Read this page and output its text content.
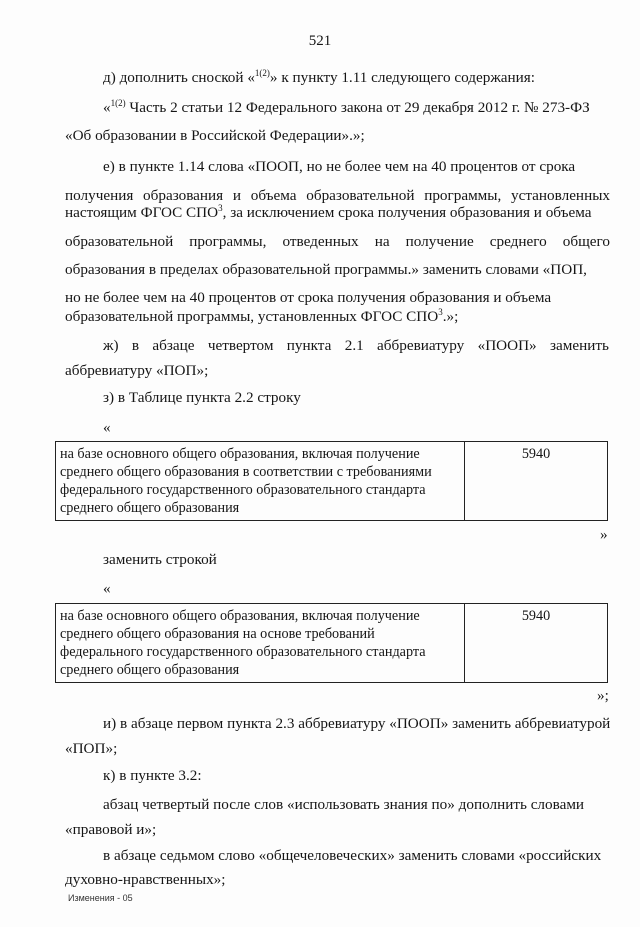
521
д) дополнить сноской «$^{1(2)}$» к пункту 1.11 следующего содержания:
«$^{1(2)}$ Часть 2 статьи 12 Федерального закона от 29 декабря 2012 г. № 273-ФЗ
«Об образовании в Российской Федерации».»;
е) в пункте 1.14 слова «ПООП, но не более чем на 40 процентов от срока
получения образования и объема образовательной программы, установленных
настоящим ФГОС СПО$^3$, за исключением срока получения образования и объема
образовательной программы, отведенных на получение среднего общего
образования в пределах образовательной программы.» заменить словами «ПОП,
но не более чем на 40 процентов от срока получения образования и объема
образовательной программы, установленных ФГОС СПО$^3$.»;
ж) в абзаце четвертом пункта 2.1 аббревиатуру «ПООП» заменить
аббревиатуру «ПОП»;
з) в Таблице пункта 2.2 строку
«
на базе основного общего образования, включая получение
среднего общего образования в соответствии с требованиями
федерального государственного образовательного стандарта
среднего общего образования
	5940
»
заменить строкой
«
на базе основного общего образования, включая получение
среднего общего образования на основе требований
федерального государственного образовательного стандарта
среднего общего образования
	5940
»;
и) в абзаце первом пункта 2.3 аббревиатуру «ПООП» заменить аббревиатурой
«ПОП»;
к) в пункте 3.2:
абзац четвертый после слов «использовать знания по» дополнить словами
«правовой и»;
в абзаце седьмом слово «общечеловеческих» заменить словами «российских
духовно-нравственных»;
Изменения - 05
